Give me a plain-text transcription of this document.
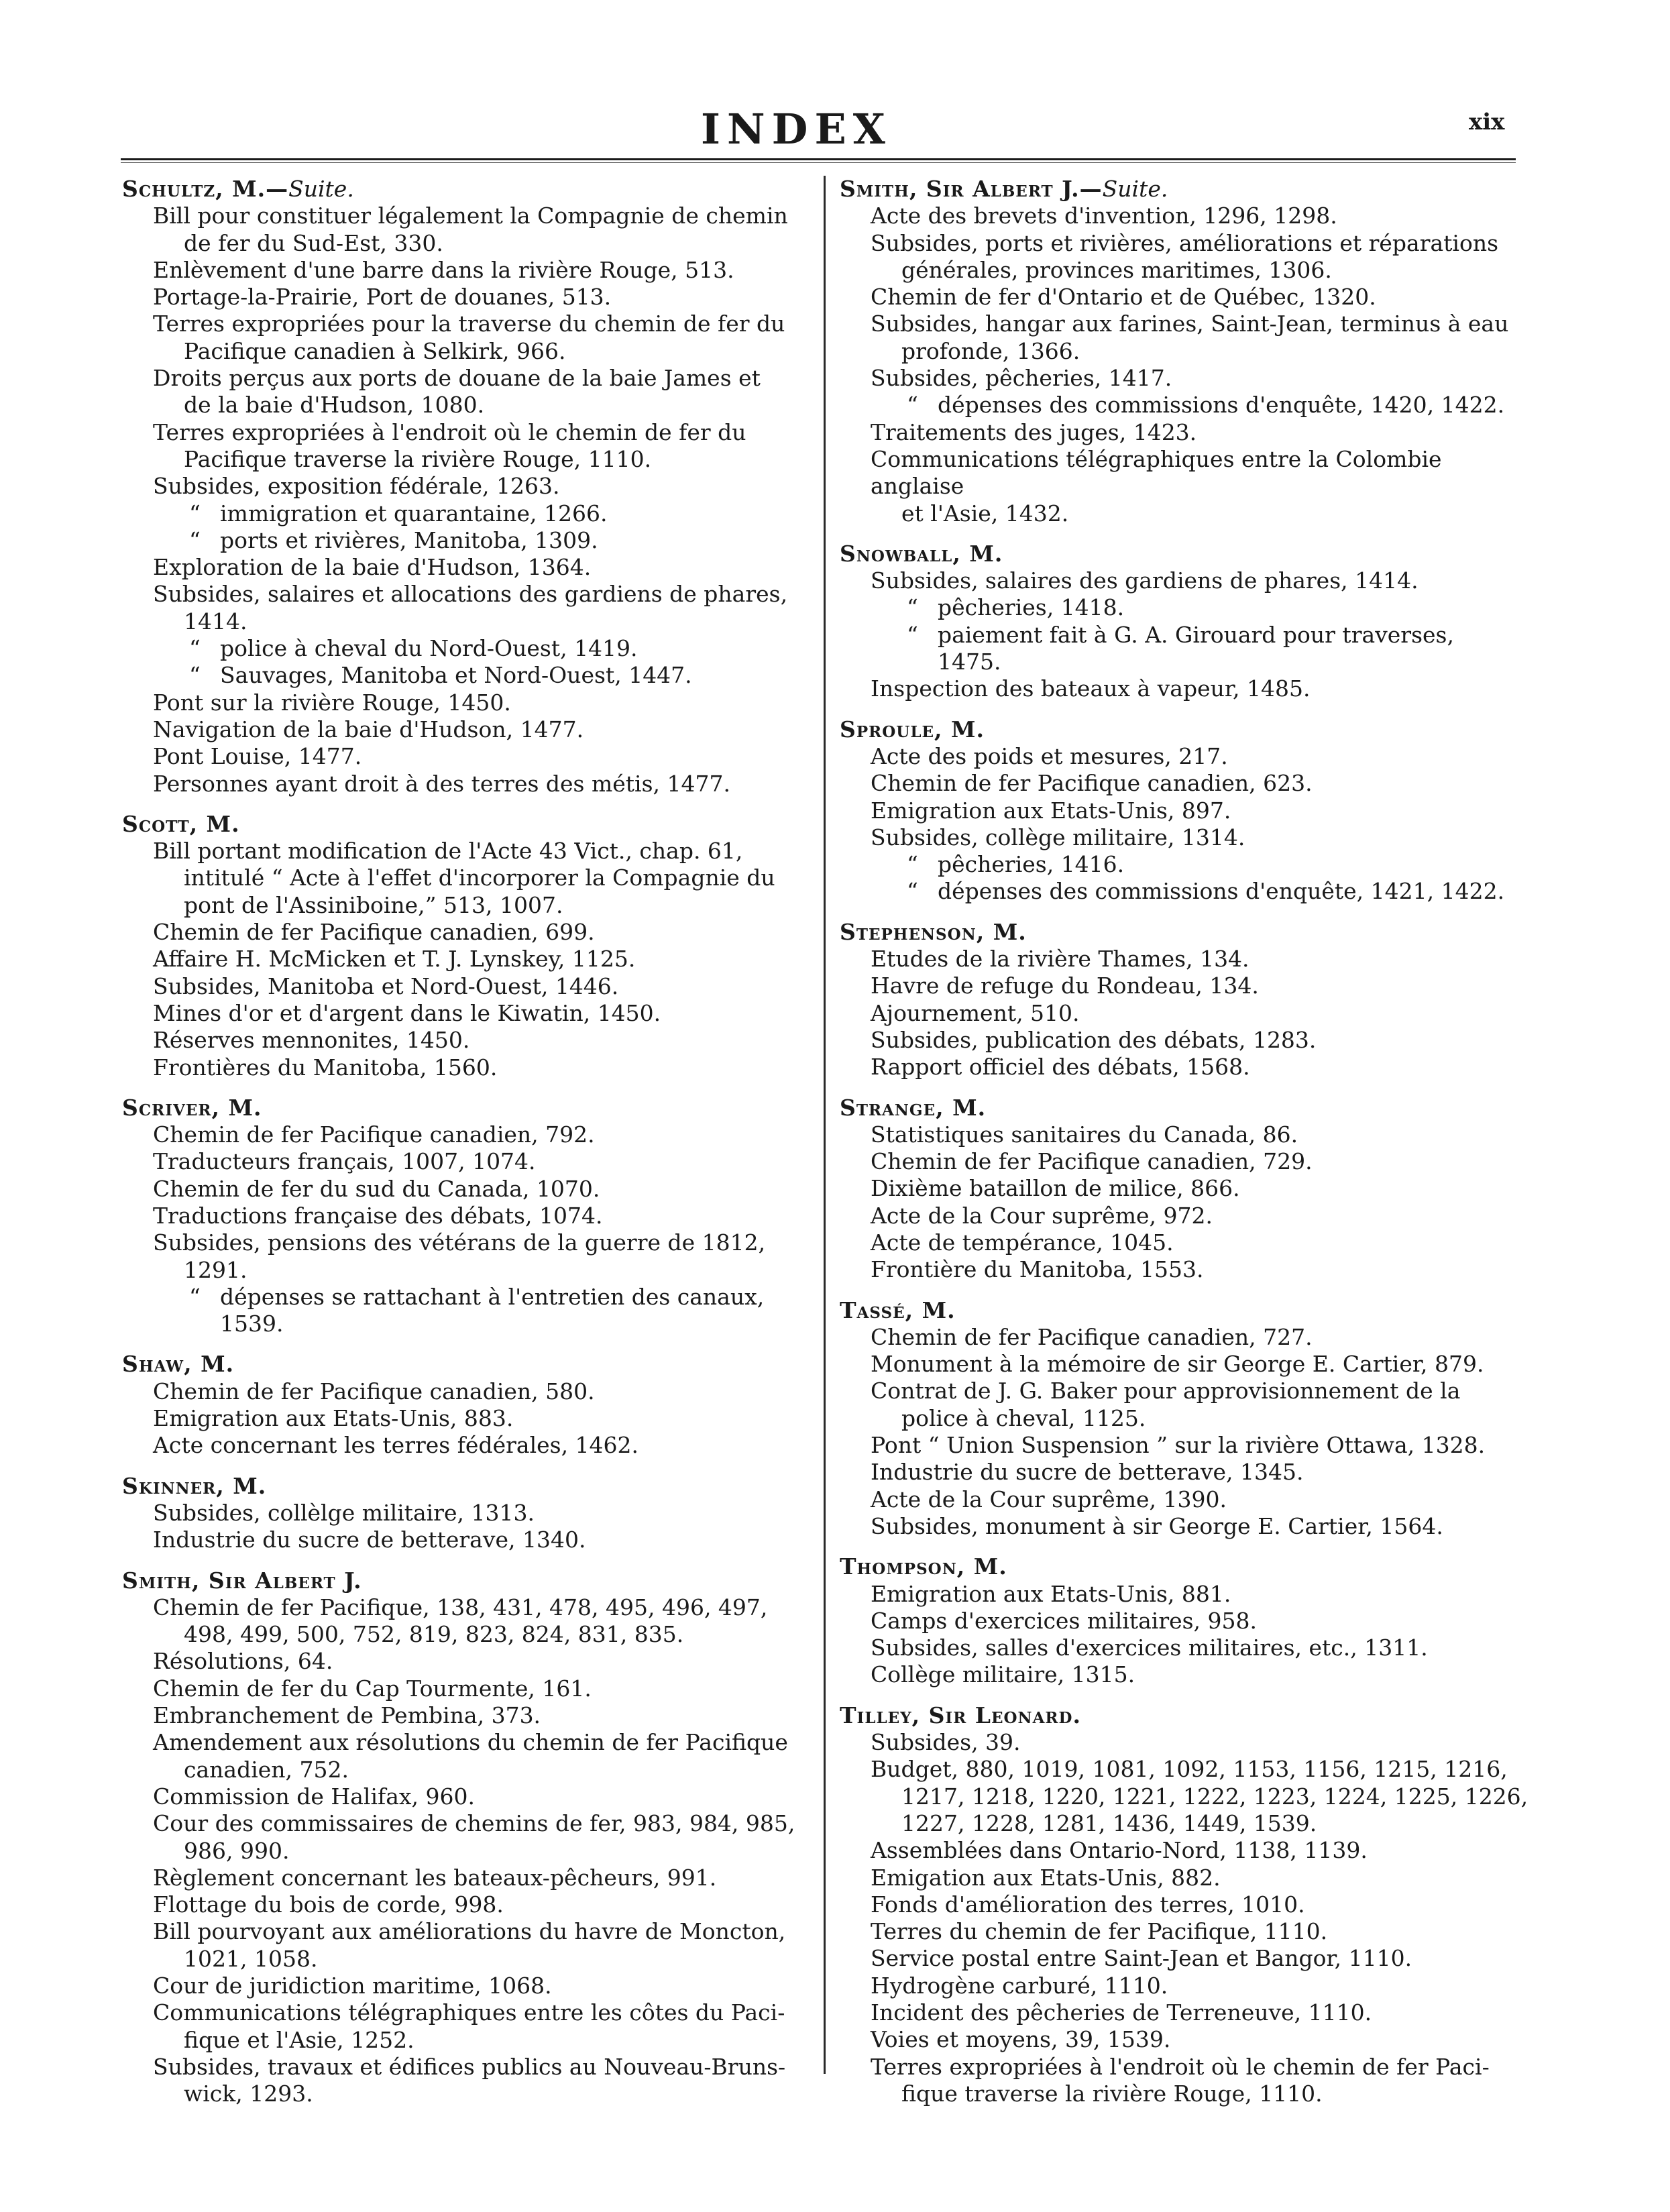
INDEX	xix
Schultz, M.—Suite.
Bill pour constituer légalement la Compagnie de chemin
de fer du Sud-Est, 330.
Enlèvement d'une barre dans la rivière Rouge, 513.
Portage-la-Prairie, Port de douanes, 513.
Terres expropriées pour la traverse du chemin de fer du
Pacifique canadien à Selkirk, 966.
Droits perçus aux ports de douane de la baie James et
de la baie d'Hudson, 1080.
Terres expropriées à l'endroit où le chemin de fer du
Pacifique traverse la rivière Rouge, 1110.
Subsides, exposition fédérale, 1263.
“ immigration et quarantaine, 1266.
“ ports et rivières, Manitoba, 1309.
Exploration de la baie d'Hudson, 1364.
Subsides, salaires et allocations des gardiens de phares,
1414.
“ police à cheval du Nord-Ouest, 1419.
“ Sauvages, Manitoba et Nord-Ouest, 1447.
Pont sur la rivière Rouge, 1450.
Navigation de la baie d'Hudson, 1477.
Pont Louise, 1477.
Personnes ayant droit à des terres des métis, 1477.
Scott, M.
Bill portant modification de l'Acte 43 Vict., chap. 61,
intitulé “ Acte à l'effet d'incorporer la Compagnie du
pont de l'Assiniboine,” 513, 1007.
Chemin de fer Pacifique canadien, 699.
Affaire H. McMicken et T. J. Lynskey, 1125.
Subsides, Manitoba et Nord-Ouest, 1446.
Mines d'or et d'argent dans le Kiwatin, 1450.
Réserves mennonites, 1450.
Frontières du Manitoba, 1560.
Scriver, M.
Chemin de fer Pacifique canadien, 792.
Traducteurs français, 1007, 1074.
Chemin de fer du sud du Canada, 1070.
Traductions française des débats, 1074.
Subsides, pensions des vétérans de la guerre de 1812,
1291.
“ dépenses se rattachant à l'entretien des canaux,
1539.
Shaw, M.
Chemin de fer Pacifique canadien, 580.
Emigration aux Etats-Unis, 883.
Acte concernant les terres fédérales, 1462.
Skinner, M.
Subsides, collèlge militaire, 1313.
Industrie du sucre de betterave, 1340.
Smith, Sir Albert J.
Chemin de fer Pacifique, 138, 431, 478, 495, 496, 497,
498, 499, 500, 752, 819, 823, 824, 831, 835.
Résolutions, 64.
Chemin de fer du Cap Tourmente, 161.
Embranchement de Pembina, 373.
Amendement aux résolutions du chemin de fer Pacifique
canadien, 752.
Commission de Halifax, 960.
Cour des commissaires de chemins de fer, 983, 984, 985,
986, 990.
Règlement concernant les bateaux-pêcheurs, 991.
Flottage du bois de corde, 998.
Bill pourvoyant aux améliorations du havre de Moncton,
1021, 1058.
Cour de juridiction maritime, 1068.
Communications télégraphiques entre les côtes du Paci-
fique et l'Asie, 1252.
Subsides, travaux et édifices publics au Nouveau-Bruns-
wick, 1293.
Smith, Sir Albert J.—Suite.
Acte des brevets d'invention, 1296, 1298.
Subsides, ports et rivières, améliorations et réparations
générales, provinces maritimes, 1306.
Chemin de fer d'Ontario et de Québec, 1320.
Subsides, hangar aux farines, Saint-Jean, terminus à eau
profonde, 1366.
Subsides, pêcheries, 1417.
“ dépenses des commissions d'enquête, 1420, 1422.
Traitements des juges, 1423.
Communications télégraphiques entre la Colombie anglaise
et l'Asie, 1432.
Snowball, M.
Subsides, salaires des gardiens de phares, 1414.
“ pêcheries, 1418.
“ paiement fait à G. A. Girouard pour traverses,
1475.
Inspection des bateaux à vapeur, 1485.
Sproule, M.
Acte des poids et mesures, 217.
Chemin de fer Pacifique canadien, 623.
Emigration aux Etats-Unis, 897.
Subsides, collège militaire, 1314.
“ pêcheries, 1416.
“ dépenses des commissions d'enquête, 1421, 1422.
Stephenson, M.
Etudes de la rivière Thames, 134.
Havre de refuge du Rondeau, 134.
Ajournement, 510.
Subsides, publication des débats, 1283.
Rapport officiel des débats, 1568.
Strange, M.
Statistiques sanitaires du Canada, 86.
Chemin de fer Pacifique canadien, 729.
Dixième bataillon de milice, 866.
Acte de la Cour suprême, 972.
Acte de tempérance, 1045.
Frontière du Manitoba, 1553.
Tassé, M.
Chemin de fer Pacifique canadien, 727.
Monument à la mémoire de sir George E. Cartier, 879.
Contrat de J. G. Baker pour approvisionnement de la
police à cheval, 1125.
Pont “ Union Suspension ” sur la rivière Ottawa, 1328.
Industrie du sucre de betterave, 1345.
Acte de la Cour suprême, 1390.
Subsides, monument à sir George E. Cartier, 1564.
Thompson, M.
Emigration aux Etats-Unis, 881.
Camps d'exercices militaires, 958.
Subsides, salles d'exercices militaires, etc., 1311.
Collège militaire, 1315.
Tilley, Sir Leonard.
Subsides, 39.
Budget, 880, 1019, 1081, 1092, 1153, 1156, 1215, 1216,
1217, 1218, 1220, 1221, 1222, 1223, 1224, 1225, 1226,
1227, 1228, 1281, 1436, 1449, 1539.
Assemblées dans Ontario-Nord, 1138, 1139.
Emigation aux Etats-Unis, 882.
Fonds d'amélioration des terres, 1010.
Terres du chemin de fer Pacifique, 1110.
Service postal entre Saint-Jean et Bangor, 1110.
Hydrogène carburé, 1110.
Incident des pêcheries de Terreneuve, 1110.
Voies et moyens, 39, 1539.
Terres expropriées à l'endroit où le chemin de fer Paci-
fique traverse la rivière Rouge, 1110.
